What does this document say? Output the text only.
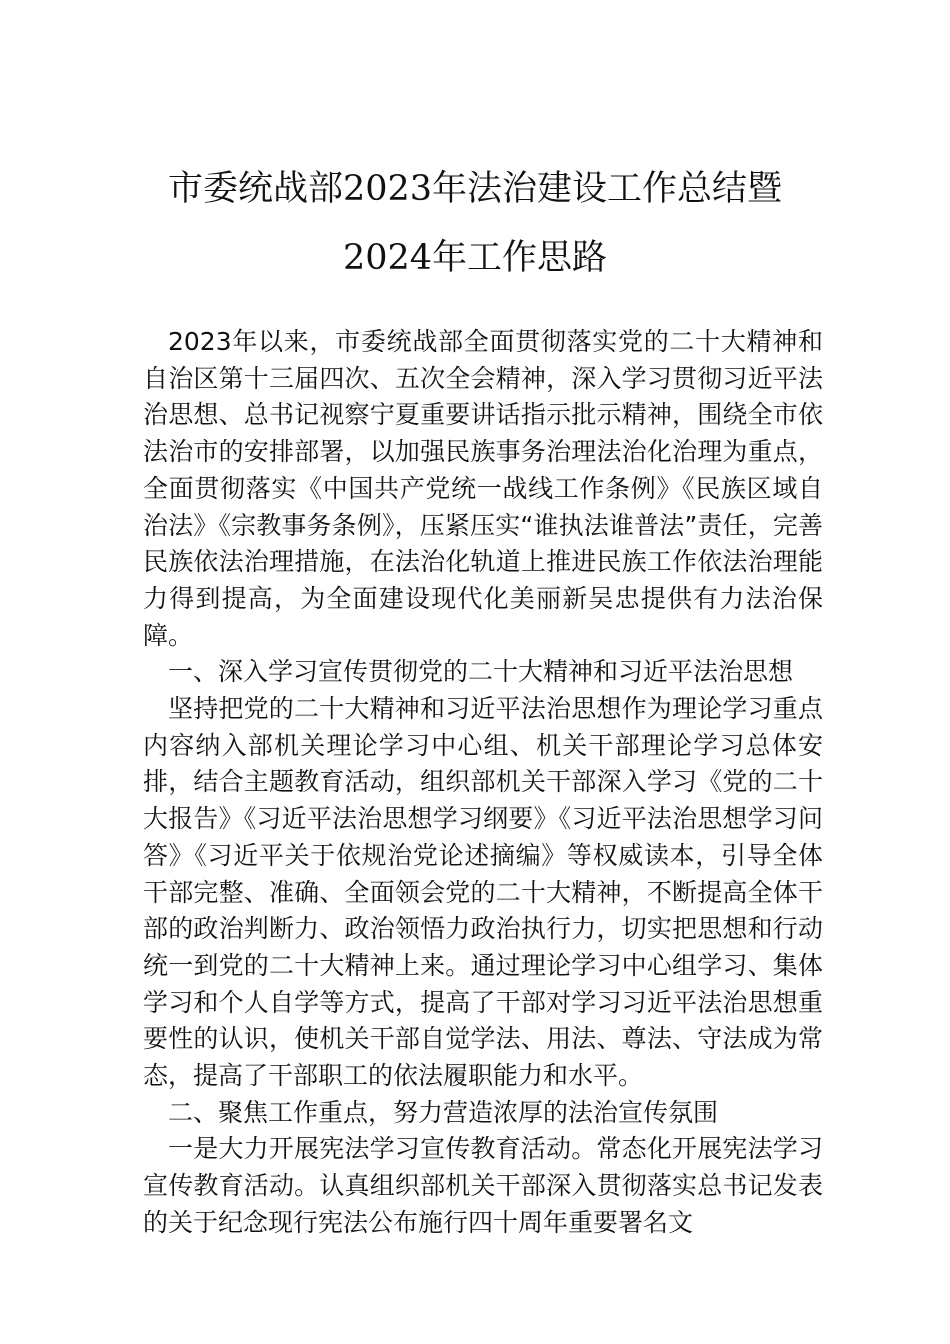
市委统战部2023年法治建设工作总结暨
2024年工作思路

2023年以来，市委统战部全面贯彻落实党的二十大精神和自治区第十三届四次、五次全会精神，深入学习贯彻习近平法治思想、总书记视察宁夏重要讲话指示批示精神，围绕全市依法治市的安排部署，以加强民族事务治理法治化治理为重点，全面贯彻落实《中国共产党统一战线工作条例》《民族区域自治法》《宗教事务条例》，压紧压实“谁执法谁普法”责任，完善民族依法治理措施，在法治化轨道上推进民族工作依法治理能力得到提高，为全面建设现代化美丽新吴忠提供有力法治保障。

一、深入学习宣传贯彻党的二十大精神和习近平法治思想

坚持把党的二十大精神和习近平法治思想作为理论学习重点内容纳入部机关理论学习中心组、机关干部理论学习总体安排，结合主题教育活动，组织部机关干部深入学习《党的二十大报告》《习近平法治思想学习纲要》《习近平法治思想学习问答》《习近平关于依规治党论述摘编》等权威读本，引导全体干部完整、准确、全面领会党的二十大精神，不断提高全体干部的政治判断力、政治领悟力政治执行力，切实把思想和行动统一到党的二十大精神上来。通过理论学习中心组学习、集体学习和个人自学等方式，提高了干部对学习习近平法治思想重要性的认识，使机关干部自觉学法、用法、尊法、守法成为常态，提高了干部职工的依法履职能力和水平。

二、聚焦工作重点，努力营造浓厚的法治宣传氛围

一是大力开展宪法学习宣传教育活动。常态化开展宪法学习宣传教育活动。认真组织部机关干部深入贯彻落实总书记发表的关于纪念现行宪法公布施行四十周年重要署名文
